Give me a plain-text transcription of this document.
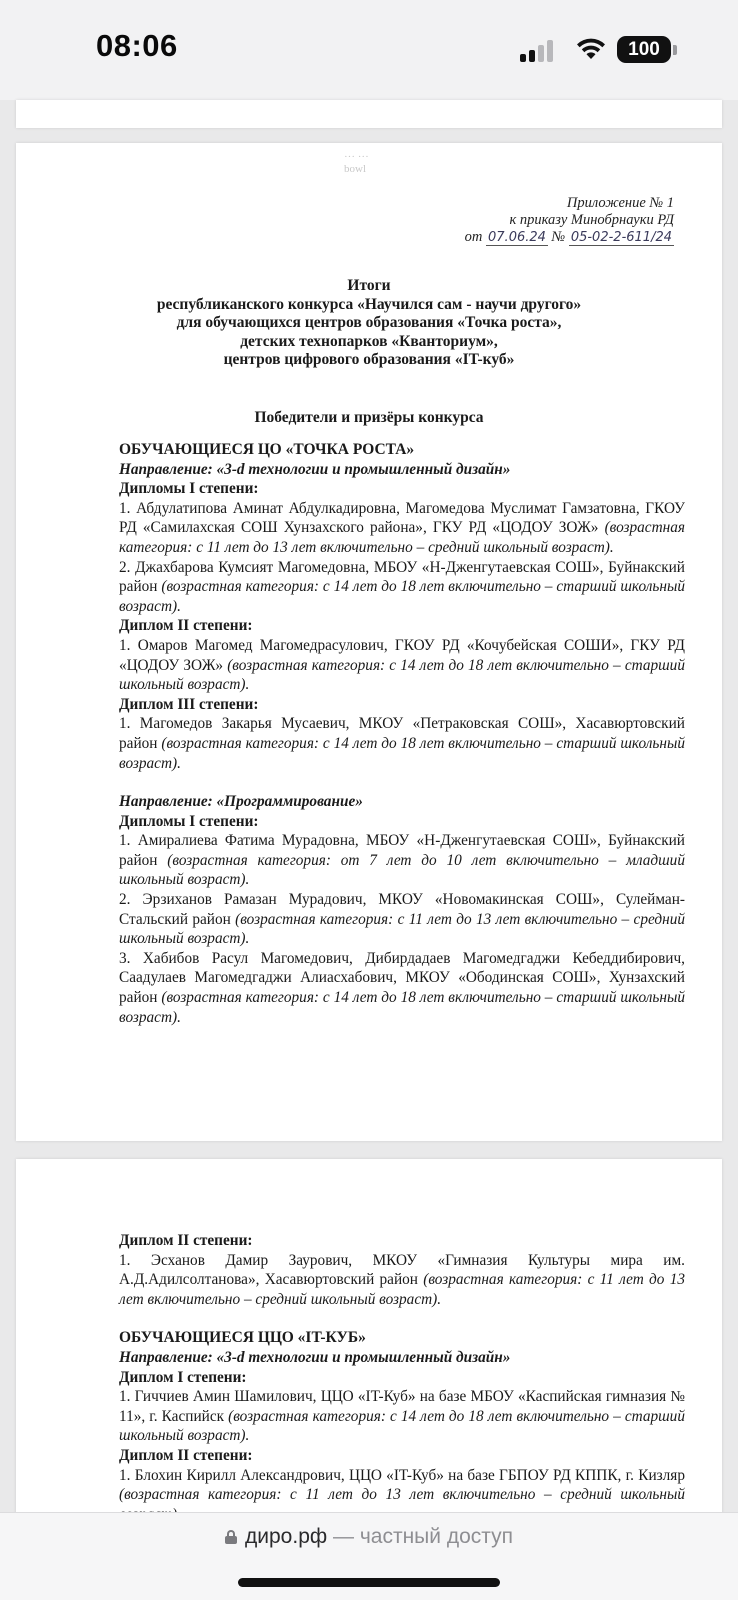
08:06	100
··· ···
bowl
Приложение № 1
к приказу Минобрнауки РД
от 07.06.24 № 05-02-2-611/24
Итоги
республиканского конкурса «Научился сам - научи другого»
для обучающихся центров образования «Точка роста»,
детских технопарков «Кванториум»,
центров цифрового образования «IT-куб»
Победители и призёры конкурса
ОБУЧАЮЩИЕСЯ ЦО «ТОЧКА РОСТА»
Направление: «3-d технологии и промышленный дизайн»
Дипломы I степени:
1. Абдулатипова Аминат Абдулкадировна, Магомедова Муслимат Гамзатовна, ГКОУ РД «Самилахская СОШ Хунзахского района», ГКУ РД «ЦОДОУ ЗОЖ» (возрастная категория: с 11 лет до 13 лет включительно – средний школьный возраст).
2. Джахбарова Кумсият Магомедовна, МБОУ «Н-Дженгутаевская СОШ», Буйнакский район (возрастная категория: с 14 лет до 18 лет включительно – старший школьный возраст).
Диплом II степени:
1. Омаров Магомед Магомедрасулович, ГКОУ РД «Кочубейская СОШИ», ГКУ РД «ЦОДОУ ЗОЖ» (возрастная категория: с 14 лет до 18 лет включительно – старший школьный возраст).
Диплом III степени:
1. Магомедов Закарья Мусаевич, МКОУ «Петраковская СОШ», Хасавюртовский район (возрастная категория: с 14 лет до 18 лет включительно – старший школьный возраст).
Направление: «Программирование»
Дипломы I степени:
1. Амиралиева Фатима Мурадовна, МБОУ «Н-Дженгутаевская СОШ», Буйнакский район (возрастная категория: от 7 лет до 10 лет включительно – младший школьный возраст).
2. Эрзиханов Рамазан Мурадович, МКОУ «Новомакинская СОШ», Сулейман-Стальский район (возрастная категория: с 11 лет до 13 лет включительно – средний школьный возраст).
3. Хабибов Расул Магомедович, Дибирдадаев Магомедгаджи Кебеддибирович, Саадулаев Магомедгаджи Алиасхабович, МКОУ «Ободинская СОШ», Хунзахский район (возрастная категория: с 14 лет до 18 лет включительно – старший школьный возраст).
Диплом II степени:
1. Эсханов Дамир Заурович, МКОУ «Гимназия Культуры мира им. А.Д.Адилсолтанова», Хасавюртовский район (возрастная категория: с 11 лет до 13 лет включительно – средний школьный возраст).
ОБУЧАЮЩИЕСЯ ЦЦО «IT-КУБ»
Направление: «3-d технологии и промышленный дизайн»
Диплом I степени:
1. Гиччиев Амин Шамилович, ЦЦО «IT-Куб» на базе МБОУ «Каспийская гимназия № 11», г. Каспийск (возрастная категория: с 14 лет до 18 лет включительно – старший школьный возраст).
Диплом II степени:
1. Блохин Кирилл Александрович, ЦЦО «IT-Куб» на базе ГБПОУ РД КППК, г. Кизляр (возрастная категория: с 11 лет до 13 лет включительно – средний школьный
диро.рф — частный доступ
